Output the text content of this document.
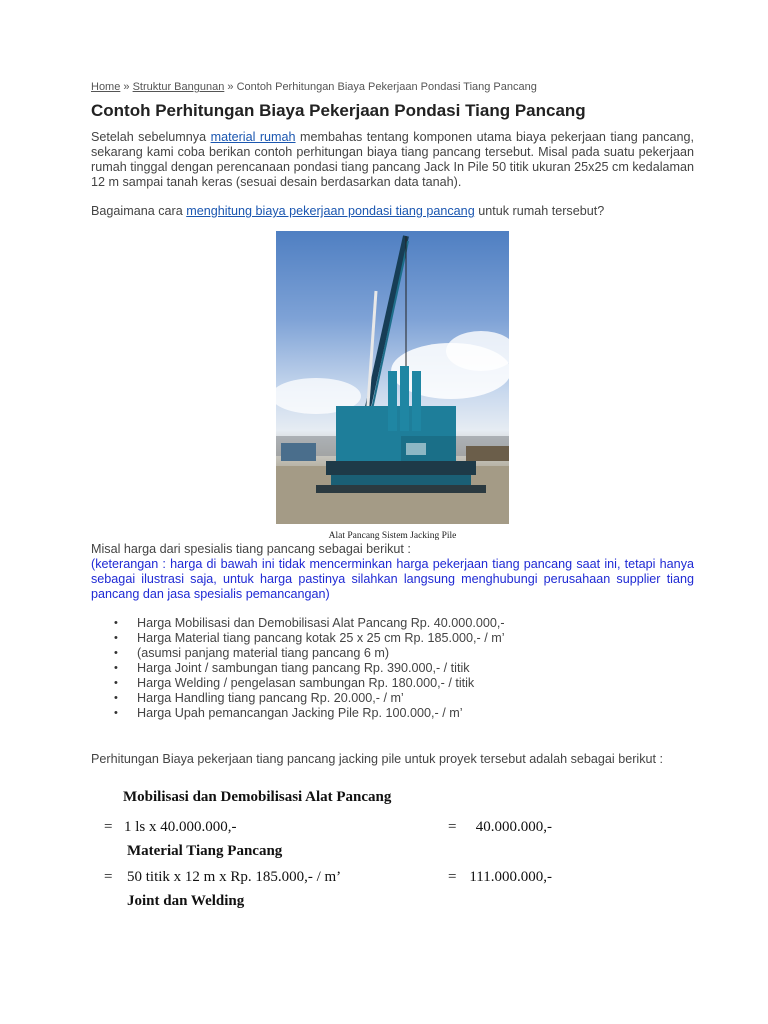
Home » Struktur Bangunan » Contoh Perhitungan Biaya Pekerjaan Pondasi Tiang Pancang
Contoh Perhitungan Biaya Pekerjaan Pondasi Tiang Pancang

Setelah sebelumnya material rumah membahas tentang komponen utama biaya pekerjaan tiang pancang, sekarang kami coba berikan contoh perhitungan biaya tiang pancang tersebut. Misal pada suatu pekerjaan rumah tinggal dengan perencanaan pondasi tiang pancang Jack In Pile 50 titik ukuran 25x25 cm kedalaman 12 m sampai tanah keras (sesuai desain berdasarkan data tanah).

Bagaimana cara menghitung biaya pekerjaan pondasi tiang pancang untuk rumah tersebut?

Alat Pancang Sistem Jacking Pile

Misal harga dari spesialis tiang pancang sebagai berikut :

(keterangan : harga di bawah ini tidak mencerminkan harga pekerjaan tiang pancang saat ini, tetapi hanya sebagai ilustrasi saja, untuk harga pastinya silahkan langsung menghubungi perusahaan supplier tiang pancang dan jasa spesialis pemancangan)

• Harga Mobilisasi dan Demobilisasi Alat Pancang Rp. 40.000.000,-
• Harga Material tiang pancang kotak 25 x 25 cm Rp. 185.000,- / m’
• (asumsi panjang material tiang pancang 6 m)
• Harga Joint / sambungan tiang pancang Rp. 390.000,- / titik
• Harga Welding / pengelasan sambungan Rp. 180.000,- / titik
• Harga Handling tiang pancang Rp. 20.000,- / m’
• Harga Upah pemancangan Jacking Pile Rp. 100.000,- / m’

Perhitungan Biaya pekerjaan tiang pancang jacking pile untuk proyek tersebut adalah sebagai berikut :

Mobilisasi dan Demobilisasi Alat Pancang
= 1 ls x 40.000.000,-	=	40.000.000,-
Material Tiang Pancang
= 50 titik x 12 m x Rp. 185.000,- / m’	= 111.000.000,-
Joint dan Welding
